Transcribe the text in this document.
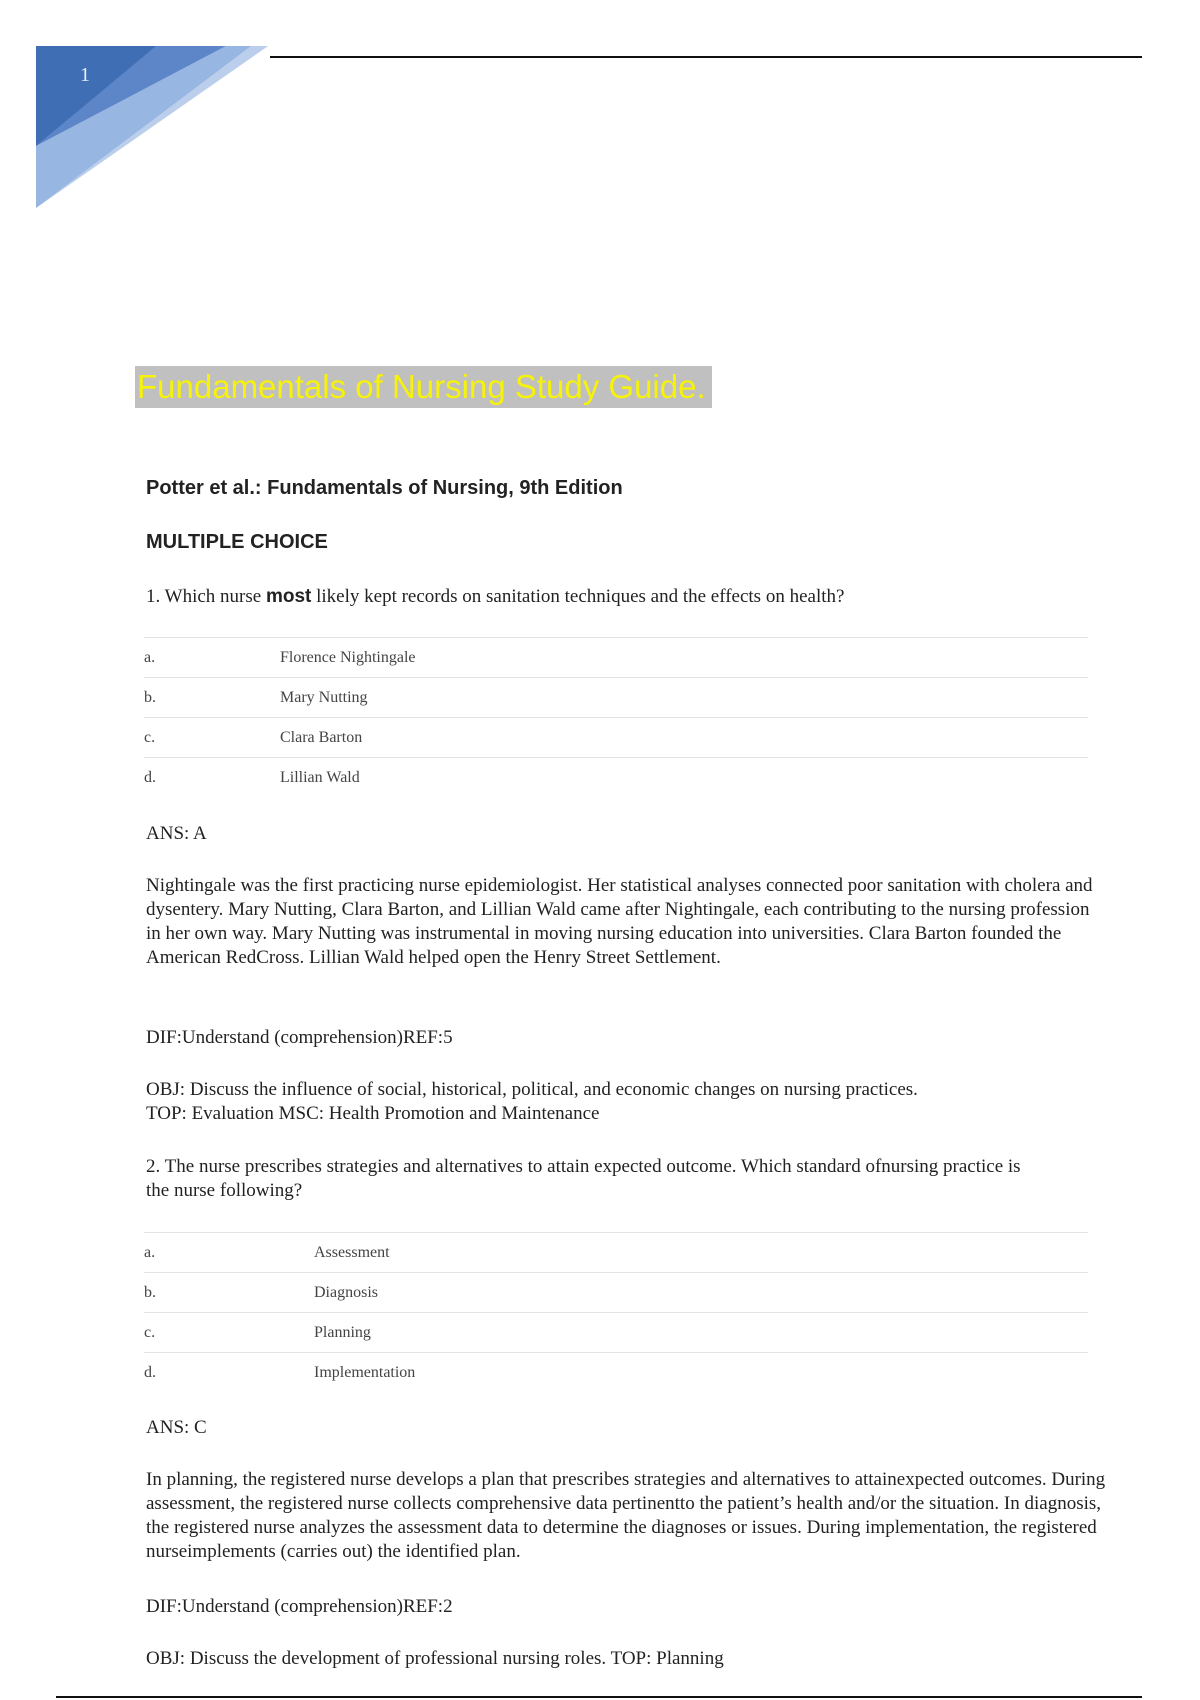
1
Fundamentals of Nursing Study Guide.
Potter et al.: Fundamentals of Nursing, 9th Edition
MULTIPLE CHOICE
1. Which nurse most likely kept records on sanitation techniques and the effects on health?
a.	Florence Nightingale
b.	Mary Nutting
c.	Clara Barton
d.	Lillian Wald
ANS: A
Nightingale was the first practicing nurse epidemiologist. Her statistical analyses connected poor sanitation with cholera and dysentery. Mary Nutting, Clara Barton, and Lillian Wald came after Nightingale, each contributing to the nursing profession in her own way. Mary Nutting was instrumental in moving nursing education into universities. Clara Barton founded the American RedCross. Lillian Wald helped open the Henry Street Settlement.
DIF:Understand (comprehension)REF:5
OBJ: Discuss the influence of social, historical, political, and economic changes on nursing practices. TOP: Evaluation MSC: Health Promotion and Maintenance
2. The nurse prescribes strategies and alternatives to attain expected outcome. Which standard ofnursing practice is the nurse following?
a.	Assessment
b.	Diagnosis
c.	Planning
d.	Implementation
ANS: C
In planning, the registered nurse develops a plan that prescribes strategies and alternatives to attainexpected outcomes. During assessment, the registered nurse collects comprehensive data pertinentto the patient’s health and/or the situation. In diagnosis, the registered nurse analyzes the assessment data to determine the diagnoses or issues. During implementation, the registered nurseimplements (carries out) the identified plan.
DIF:Understand (comprehension)REF:2
OBJ: Discuss the development of professional nursing roles. TOP: Planning
